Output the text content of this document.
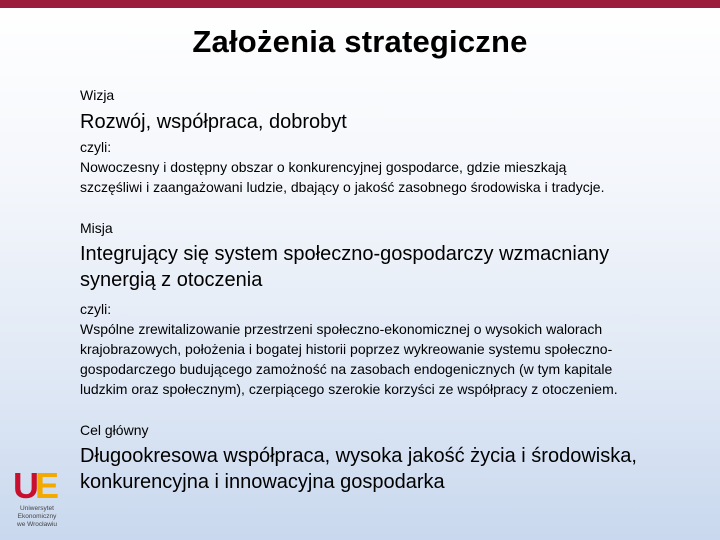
Założenia strategiczne
Wizja
Rozwój, współpraca, dobrobyt
czyli:
Nowoczesny i dostępny obszar o konkurencyjnej gospodarce, gdzie mieszkają
szczęśliwi i zaangażowani ludzie, dbający o jakość zasobnego środowiska i tradycje.
Misja
Integrujący się system społeczno-gospodarczy wzmacniany
synergią z otoczenia
czyli:
Wspólne zrewitalizowanie przestrzeni społeczno-ekonomicznej o wysokich walorach
krajobrazowych, położenia i bogatej historii poprzez wykreowanie systemu społeczno-
gospodarczego budującego zamożność na zasobach endogenicznych (w tym kapitale
ludzkim oraz społecznym), czerpiącego szerokie korzyści ze współpracy z otoczeniem.
Cel główny
Długookresowa współpraca, wysoka jakość życia i środowiska,
konkurencyjna i innowacyjna gospodarka
U
E
Uniwersytet
Ekonomiczny
we Wrocławiu
